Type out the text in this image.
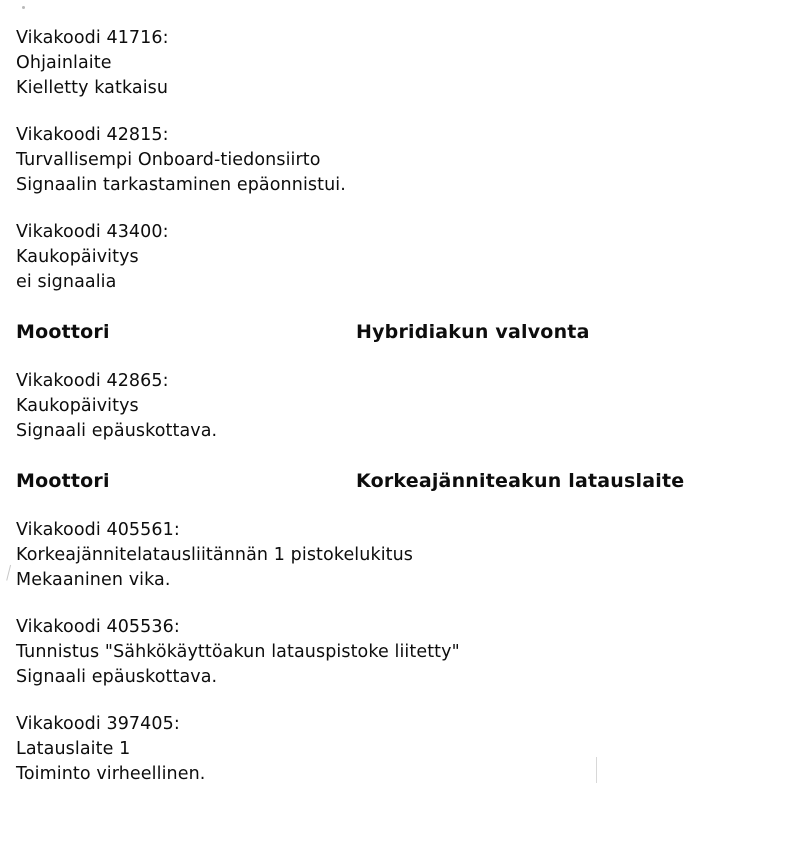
Vikakoodi 41716:
Ohjainlaite
Kielletty katkaisu
Vikakoodi 42815:
Turvallisempi Onboard-tiedonsiirto
Signaalin tarkastaminen epäonnistui.
Vikakoodi 43400:
Kaukopäivitys
ei signaalia
Moottori	Hybridiakun valvonta
Vikakoodi 42865:
Kaukopäivitys
Signaali epäuskottava.
Moottori	Korkeajänniteakun latauslaite
Vikakoodi 405561:
Korkeajännitelatausliitännän 1 pistokelukitus
Mekaaninen vika.
Vikakoodi 405536:
Tunnistus "Sähkökäyttöakun latauspistoke liitetty"
Signaali epäuskottava.
Vikakoodi 397405:
Latauslaite 1
Toiminto virheellinen.
